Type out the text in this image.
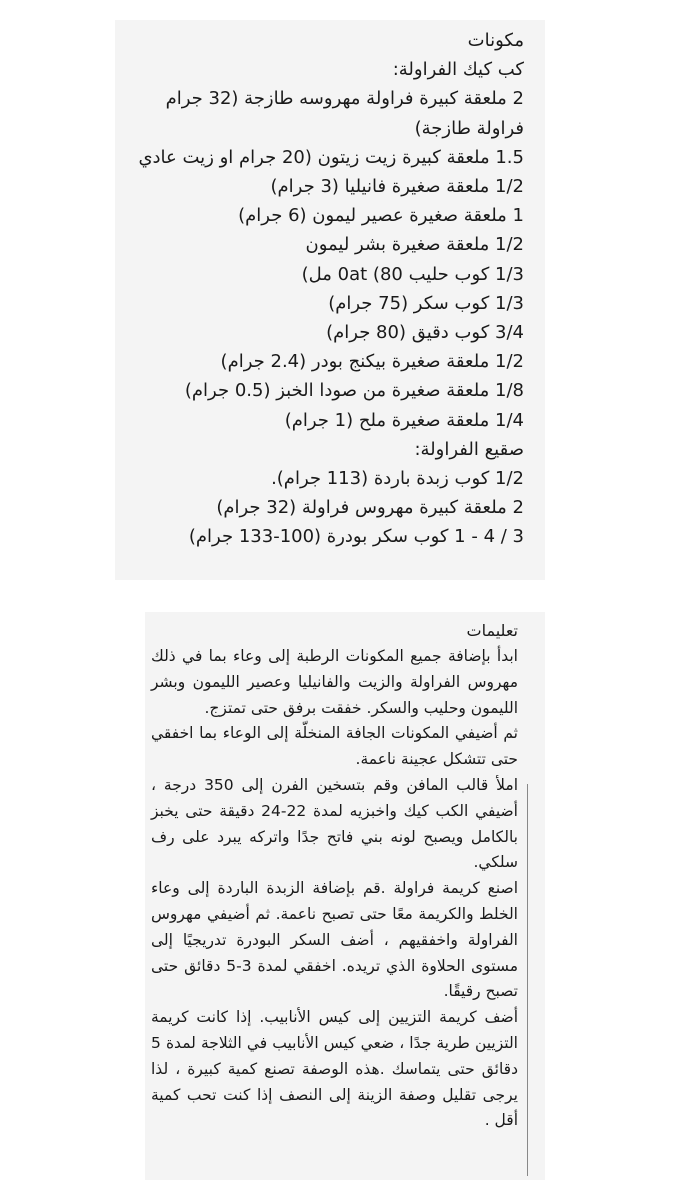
مكونات

كب كيك الفراولة:

2 ملعقة كبيرة فراولة مهروسه طازجة (32 جرام

فراولة طازجة)

1.5 ملعقة كبيرة زيت زيتون (20 جرام او زيت عادي

1/2 ملعقة صغيرة فانيليا (3 جرام)

1 ملعقة صغيرة عصير ليمون (6 جرام)

1/2 ملعقة صغيرة بشر ليمون

1/3 كوب حليب 80) 0at مل)

1/3 كوب سكر (75 جرام)

3/4 كوب دقيق (80 جرام)

1/2 ملعقة صغيرة بيكنج بودر (2.4 جرام)

1/8 ملعقة صغيرة من صودا الخبز (0.5 جرام)

1/4 ملعقة صغيرة ملح (1 جرام)

صقيع الفراولة:

1/2 كوب زبدة باردة (113 جرام).

2 ملعقة كبيرة مهروس فراولة (32 جرام)

3 / 4 - 1 كوب سكر بودرة (100-133 جرام)

تعليمات

ابدأ بإضافة جميع المكونات الرطبة إلى وعاء بما في ذلك مهروس الفراولة والزيت والفانيليا وعصير الليمون وبشر الليمون وحليب والسكر. خفقت برفق حتى تمتزج.

ثم أضيفي المكونات الجافة المنخلّة إلى الوعاء بما اخفقي حتى تتشكل عجينة ناعمة.

املأ قالب المافن وقم بتسخين الفرن إلى 350 درجة ، أضيفي الكب كيك واخبزيه لمدة 22-24 دقيقة حتى يخبز بالكامل ويصبح لونه بني فاتح جدًا واتركه يبرد على رف سلكي.

اصنع كريمة فراولة .قم بإضافة الزبدة الباردة إلى وعاء الخلط والكريمة معًا حتى تصبح ناعمة. ثم أضيفي مهروس الفراولة واخفقيهم ، أضف السكر البودرة تدريجيًا إلى مستوى الحلاوة الذي تريده. اخفقي لمدة 3-5 دقائق حتى تصبح رقيقًا.

أضف كريمة التزيين إلى كيس الأنابيب. إذا كانت كريمة التزيين طرية جدًا ، ضعي كيس الأنابيب في الثلاجة لمدة 5 دقائق حتى يتماسك .هذه الوصفة تصنع كمية كبيرة ، لذا يرجى تقليل وصفة الزينة إلى النصف إذا كنت تحب كمية أقل .
